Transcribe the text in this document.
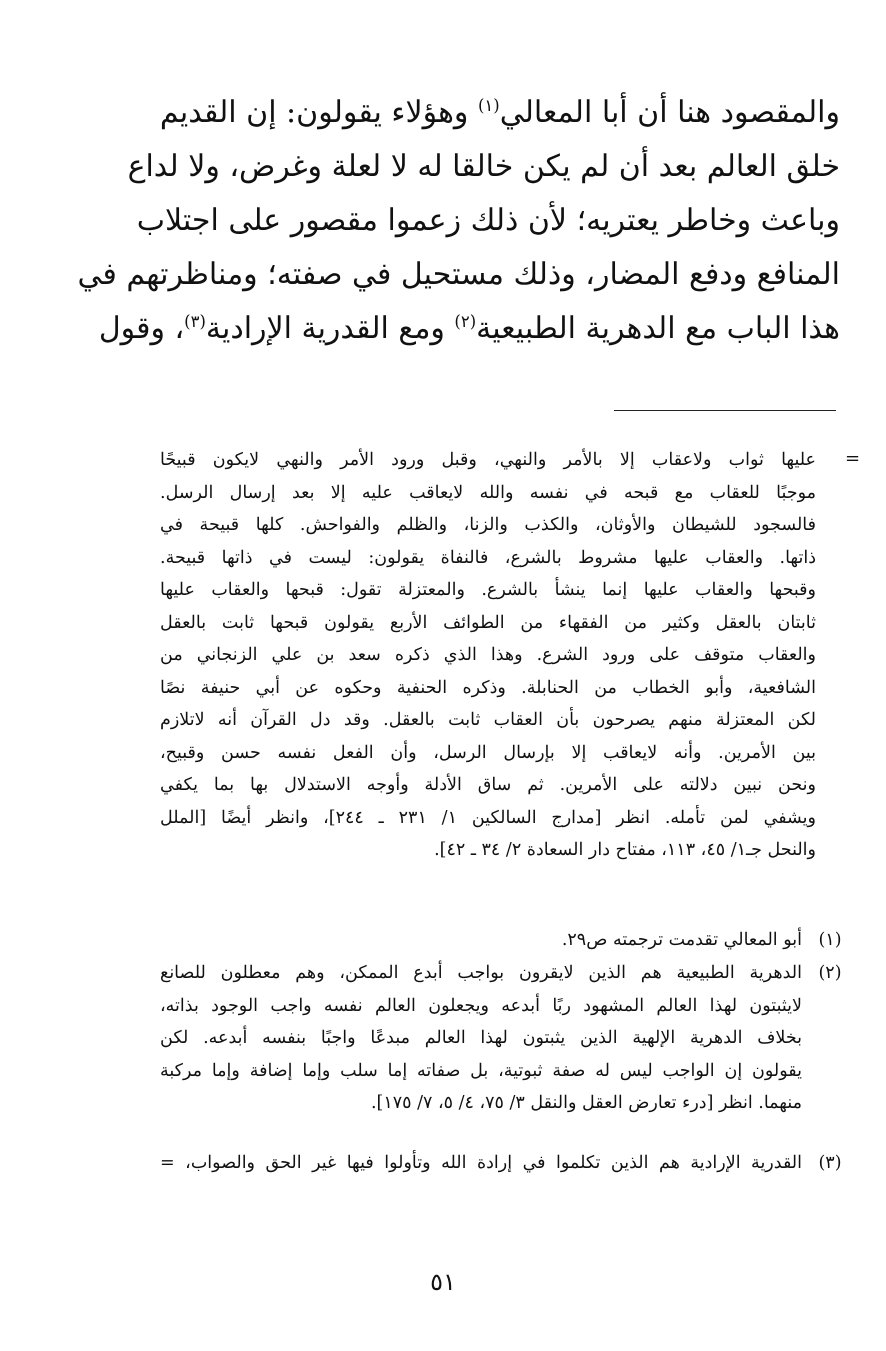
والمقصود هنا أن أبا المعالي$^{(١)}$ وهؤلاء يقولون: إن القديم
خلق العالم بعد أن لم يكن خالقا له لا لعلة وغرض، ولا لداع
وباعث وخاطر يعتريه؛ لأن ذلك زعموا مقصور على اجتلاب
المنافع ودفع المضار، وذلك مستحيل في صفته؛ ومناظرتهم في
هذا الباب مع الدهرية الطبيعية$^{(٢)}$ ومع القدرية الإرادية$^{(٣)}$، وقول
=
عليها ثواب ولاعقاب إلا بالأمر والنهي، وقبل ورود الأمر والنهي لايكون قبيحًا
موجبًا للعقاب مع قبحه في نفسه والله لايعاقب عليه إلا بعد إرسال الرسل.
فالسجود للشيطان والأوثان، والكذب والزنا، والظلم والفواحش. كلها قبيحة في
ذاتها. والعقاب عليها مشروط بالشرع، فالنفاة يقولون: ليست في ذاتها قبيحة.
وقبحها والعقاب عليها إنما ينشأ بالشرع. والمعتزلة تقول: قبحها والعقاب عليها
ثابتان بالعقل وكثير من الفقهاء من الطوائف الأربع يقولون قبحها ثابت بالعقل
والعقاب متوقف على ورود الشرع. وهذا الذي ذكره سعد بن علي الزنجاني من
الشافعية، وأبو الخطاب من الحنابلة. وذكره الحنفية وحكوه عن أبي حنيفة نصًا
لكن المعتزلة منهم يصرحون بأن العقاب ثابت بالعقل. وقد دل القرآن أنه لاتلازم
بين الأمرين. وأنه لايعاقب إلا بإرسال الرسل، وأن الفعل نفسه حسن وقبيح،
ونحن نبين دلالته على الأمرين. ثم ساق الأدلة وأوجه الاستدلال بها بما يكفي
ويشفي لمن تأمله. انظر [مدارج السالكين ١/ ٢٣١ ـ ٢٤٤]، وانظر أيضًا [الملل
والنحل جـ١/ ٤٥، ١١٣، مفتاح دار السعادة ٢/ ٣٤ ـ ٤٢].
(١)
أبو المعالي تقدمت ترجمته ص٢٩.
(٢)
الدهرية الطبيعية هم الذين لايقرون بواجب أبدع الممكن، وهم معطلون للصانع
لايثبتون لهذا العالم المشهود ربًا أبدعه ويجعلون العالم نفسه واجب الوجود بذاته،
بخلاف الدهرية الإلهية الذين يثبتون لهذا العالم مبدعًا واجبًا بنفسه أبدعه. لكن
يقولون إن الواجب ليس له صفة ثبوتية، بل صفاته إما سلب وإما إضافة وإما مركبة
منهما. انظر [درء تعارض العقل والنقل ٣/ ٧٥، ٤/ ٥، ٧/ ١٧٥].
(٣)
القدرية الإرادية هم الذين تكلموا في إرادة الله وتأولوا فيها غير الحق والصواب، =
٥١
